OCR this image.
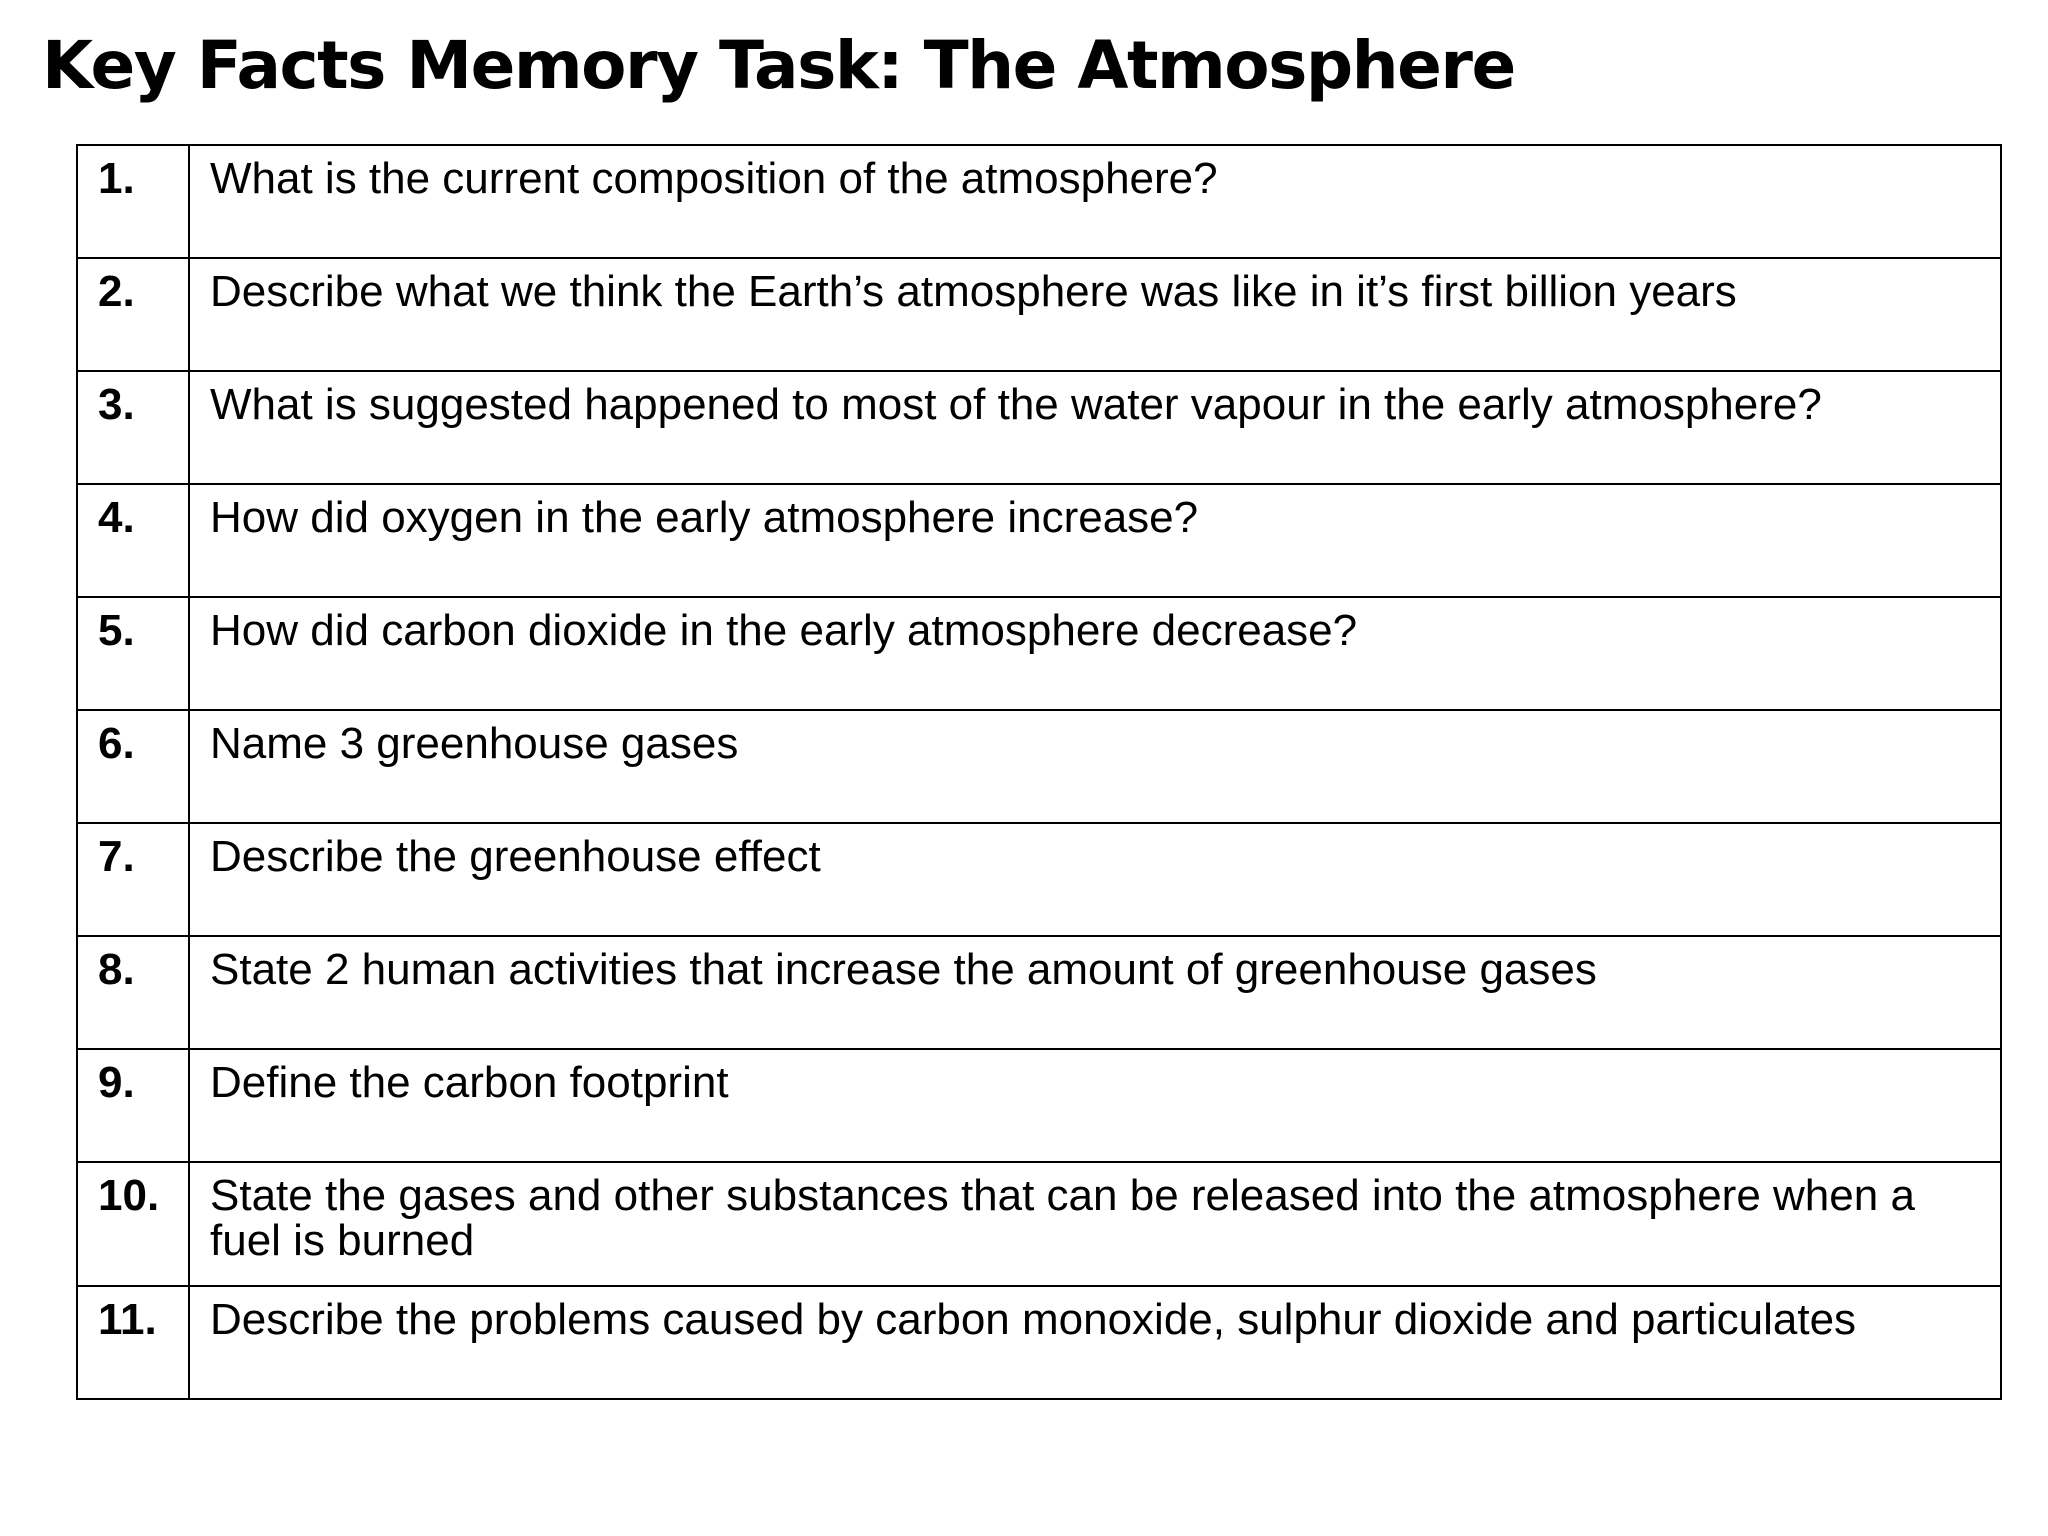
Key Facts Memory Task: The Atmosphere
1.	What is the current composition of the atmosphere?
2.	Describe what we think the Earth’s atmosphere was like in it’s first billion years
3.	What is suggested happened to most of the water vapour in the early atmosphere?
4.	How did oxygen in the early atmosphere increase?
5.	How did carbon dioxide in the early atmosphere decrease?
6.	Name 3 greenhouse gases
7.	Describe the greenhouse effect
8.	State 2 human activities that increase the amount of greenhouse gases
9.	Define the carbon footprint
10.	State the gases and other substances that can be released into the atmosphere when a fuel is burned
11.	Describe the problems caused by carbon monoxide, sulphur dioxide and particulates
